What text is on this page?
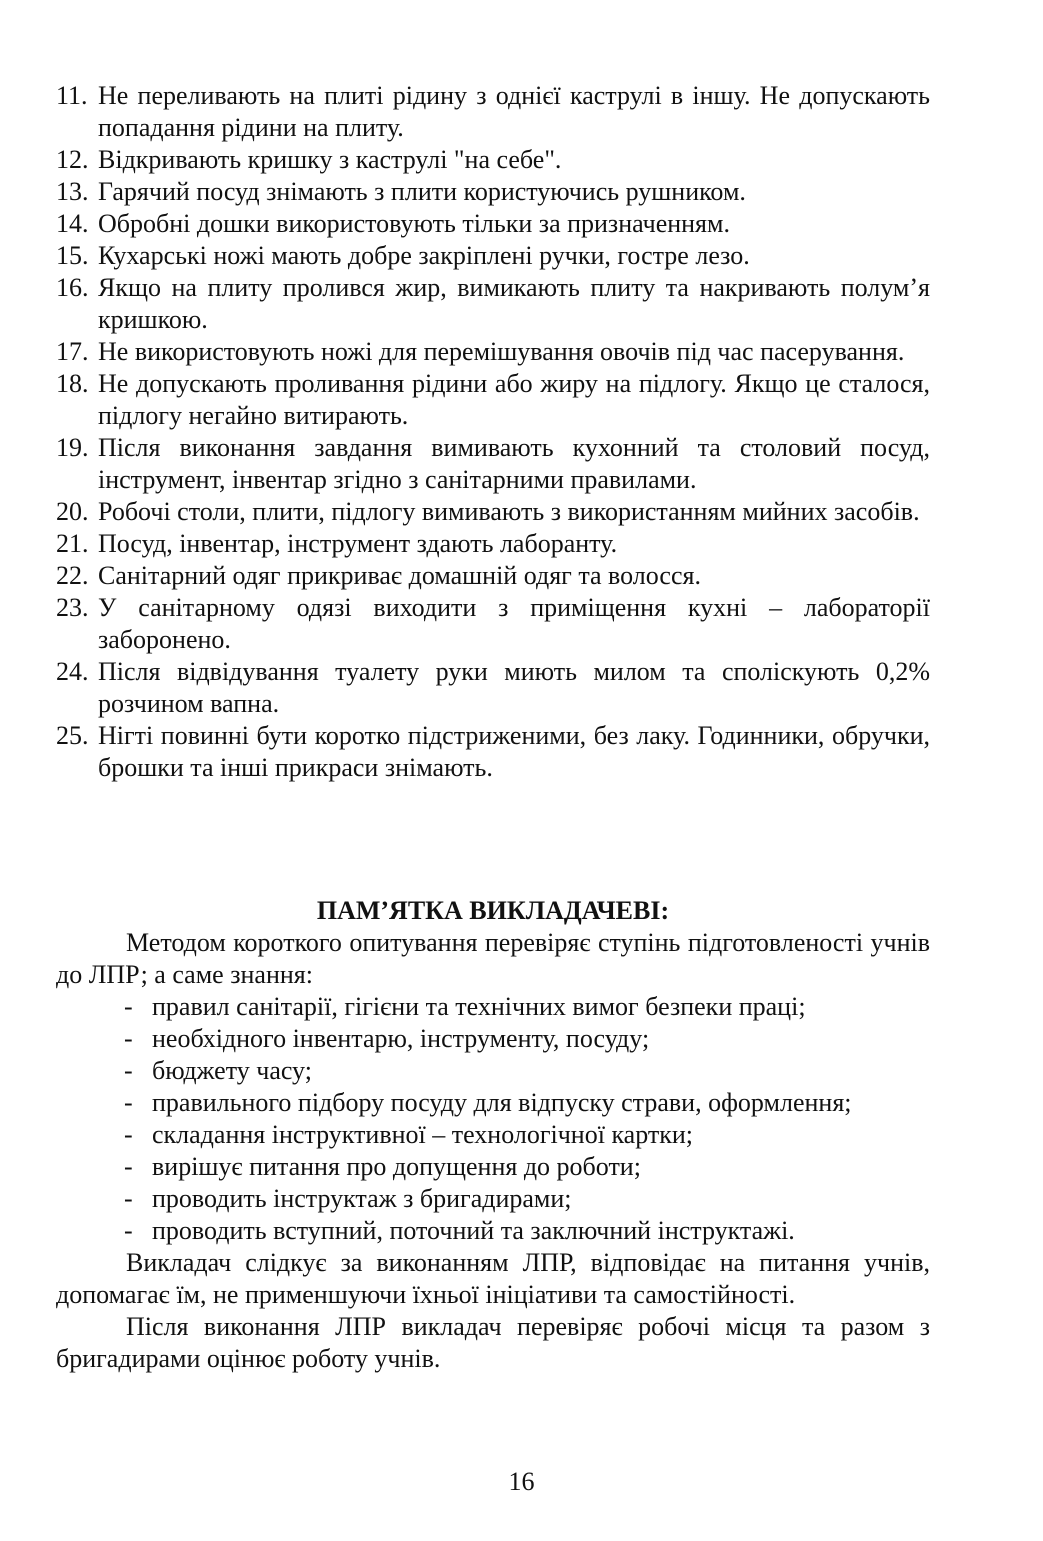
11. Не переливають на плиті рідину з однієї каструлі в іншу. Не допускають попадання рідини на плиту.
12. Відкривають кришку з каструлі "на себе".
13. Гарячий посуд знімають з плити користуючись рушником.
14. Обробні дошки використовують тільки за призначенням.
15. Кухарські ножі мають добре закріплені ручки, гостре лезо.
16. Якщо на плиту пролився жир, вимикають плиту та накривають полум’я кришкою.
17. Не використовують ножі для перемішування овочів під час пасерування.
18. Не допускають проливання рідини або жиру на підлогу. Якщо це сталося, підлогу негайно витирають.
19. Після виконання завдання вимивають кухонний та столовий посуд, інструмент, інвентар згідно з санітарними правилами.
20. Робочі столи, плити, підлогу вимивають з використанням мийних засобів.
21. Посуд, інвентар, інструмент здають лаборанту.
22. Санітарний одяг прикриває домашній одяг та волосся.
23. У санітарному одязі виходити з приміщення кухні – лабораторії заборонено.
24. Після відвідування туалету руки миють милом та споліскують 0,2% розчином вапна.
25. Нігті повинні бути коротко підстриженими, без лаку. Годинники, обручки, брошки та інші прикраси знімають.
ПАМ’ЯТКА ВИКЛАДАЧЕВІ:

Методом короткого опитування перевіряє ступінь підготовленості учнів до ЛПР; а саме знання:

- правил санітарії, гігієни та технічних вимог безпеки праці;
- необхідного інвентарю, інструменту, посуду;
- бюджету часу;
- правильного підбору посуду для відпуску страви, оформлення;
- складання інструктивної – технологічної картки;
- вирішує питання про допущення до роботи;
- проводить інструктаж з бригадирами;
- проводить вступний, поточний та заключний інструктажі.

Викладач слідкує за виконанням ЛПР, відповідає на питання учнів, допомагає їм, не применшуючи їхньої ініціативи та самостійності.

Після виконання ЛПР викладач перевіряє робочі місця та разом з бригадирами оцінює роботу учнів.

16
